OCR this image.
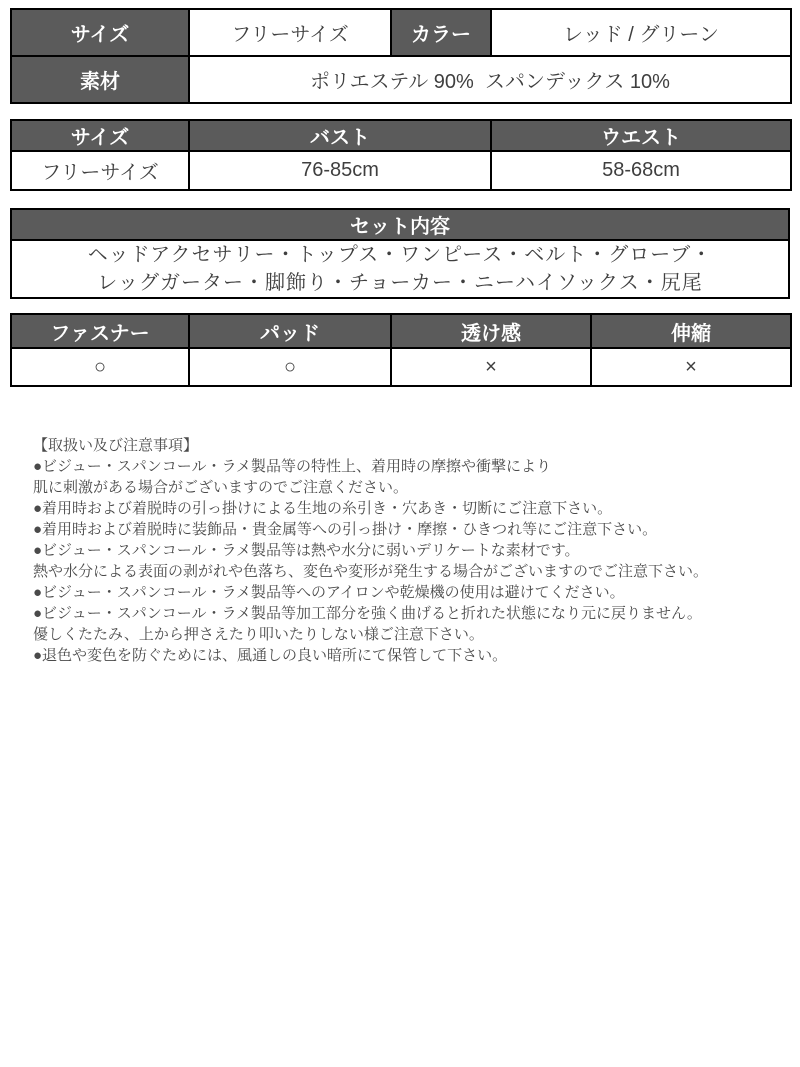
サイズ	フリーサイズ	カラー	レッド / グリーン
素材	ポリエステル 90%  スパンデックス 10%		
サイズ	バスト	ウエスト
フリーサイズ	76-85cm	58-68cm
セット内容

ヘッドアクセサリー・トップス・ワンピース・ベルト・グローブ・
レッグガーター・脚飾り・チョーカー・ニーハイソックス・尻尾
ファスナー	パッド	透け感	伸縮
○	○	×	×
【取扱い及び注意事項】
●ビジュー・スパンコール・ラメ製品等の特性上、着用時の摩擦や衝撃により
肌に刺激がある場合がございますのでご注意ください。
●着用時および着脱時の引っ掛けによる生地の糸引き・穴あき・切断にご注意下さい。
●着用時および着脱時に装飾品・貴金属等への引っ掛け・摩擦・ひきつれ等にご注意下さい。
●ビジュー・スパンコール・ラメ製品等は熱や水分に弱いデリケートな素材です。
熱や水分による表面の剥がれや色落ち、変色や変形が発生する場合がございますのでご注意下さい。
●ビジュー・スパンコール・ラメ製品等へのアイロンや乾燥機の使用は避けてください。
●ビジュー・スパンコール・ラメ製品等加工部分を強く曲げると折れた状態になり元に戻りません。
優しくたたみ、上から押さえたり叩いたりしない様ご注意下さい。
●退色や変色を防ぐためには、風通しの良い暗所にて保管して下さい。
